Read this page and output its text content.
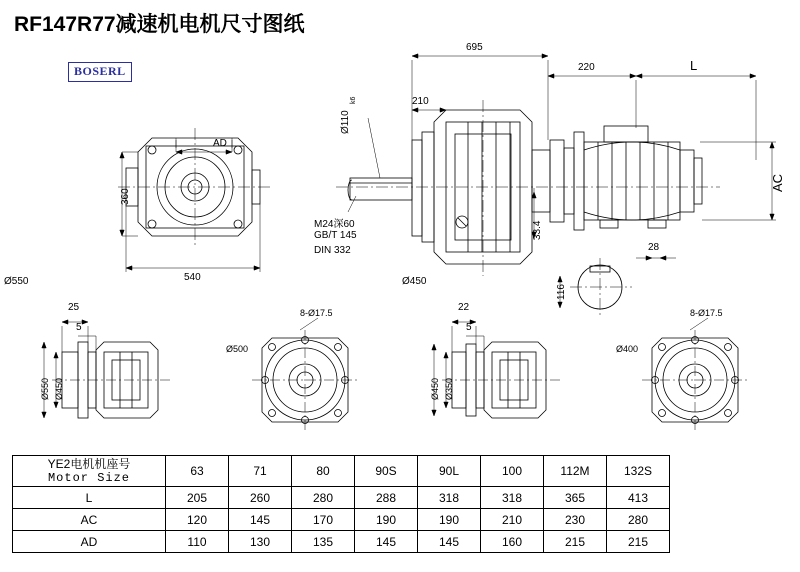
RF147R77减速机电机尺寸图纸
BOSERL
AD
360
540
695
210
220	L
AC
Ø110
k6
M24深60
GB/T 145
DIN 332
33.4
28
116
Ø550	Ø450
25
5
Ø550 Ø450
8-Ø17.5
Ø500
22
5
Ø450 Ø350
8-Ø17.5
Ø400
YE2电机机座号
Motor Size	63	71	80	90S	90L	100	112M	132S
L	205	260	280	288	318	318	365	413
AC	120	145	170	190	190	210	230	280
AD	110	130	135	145	145	160	215	215
